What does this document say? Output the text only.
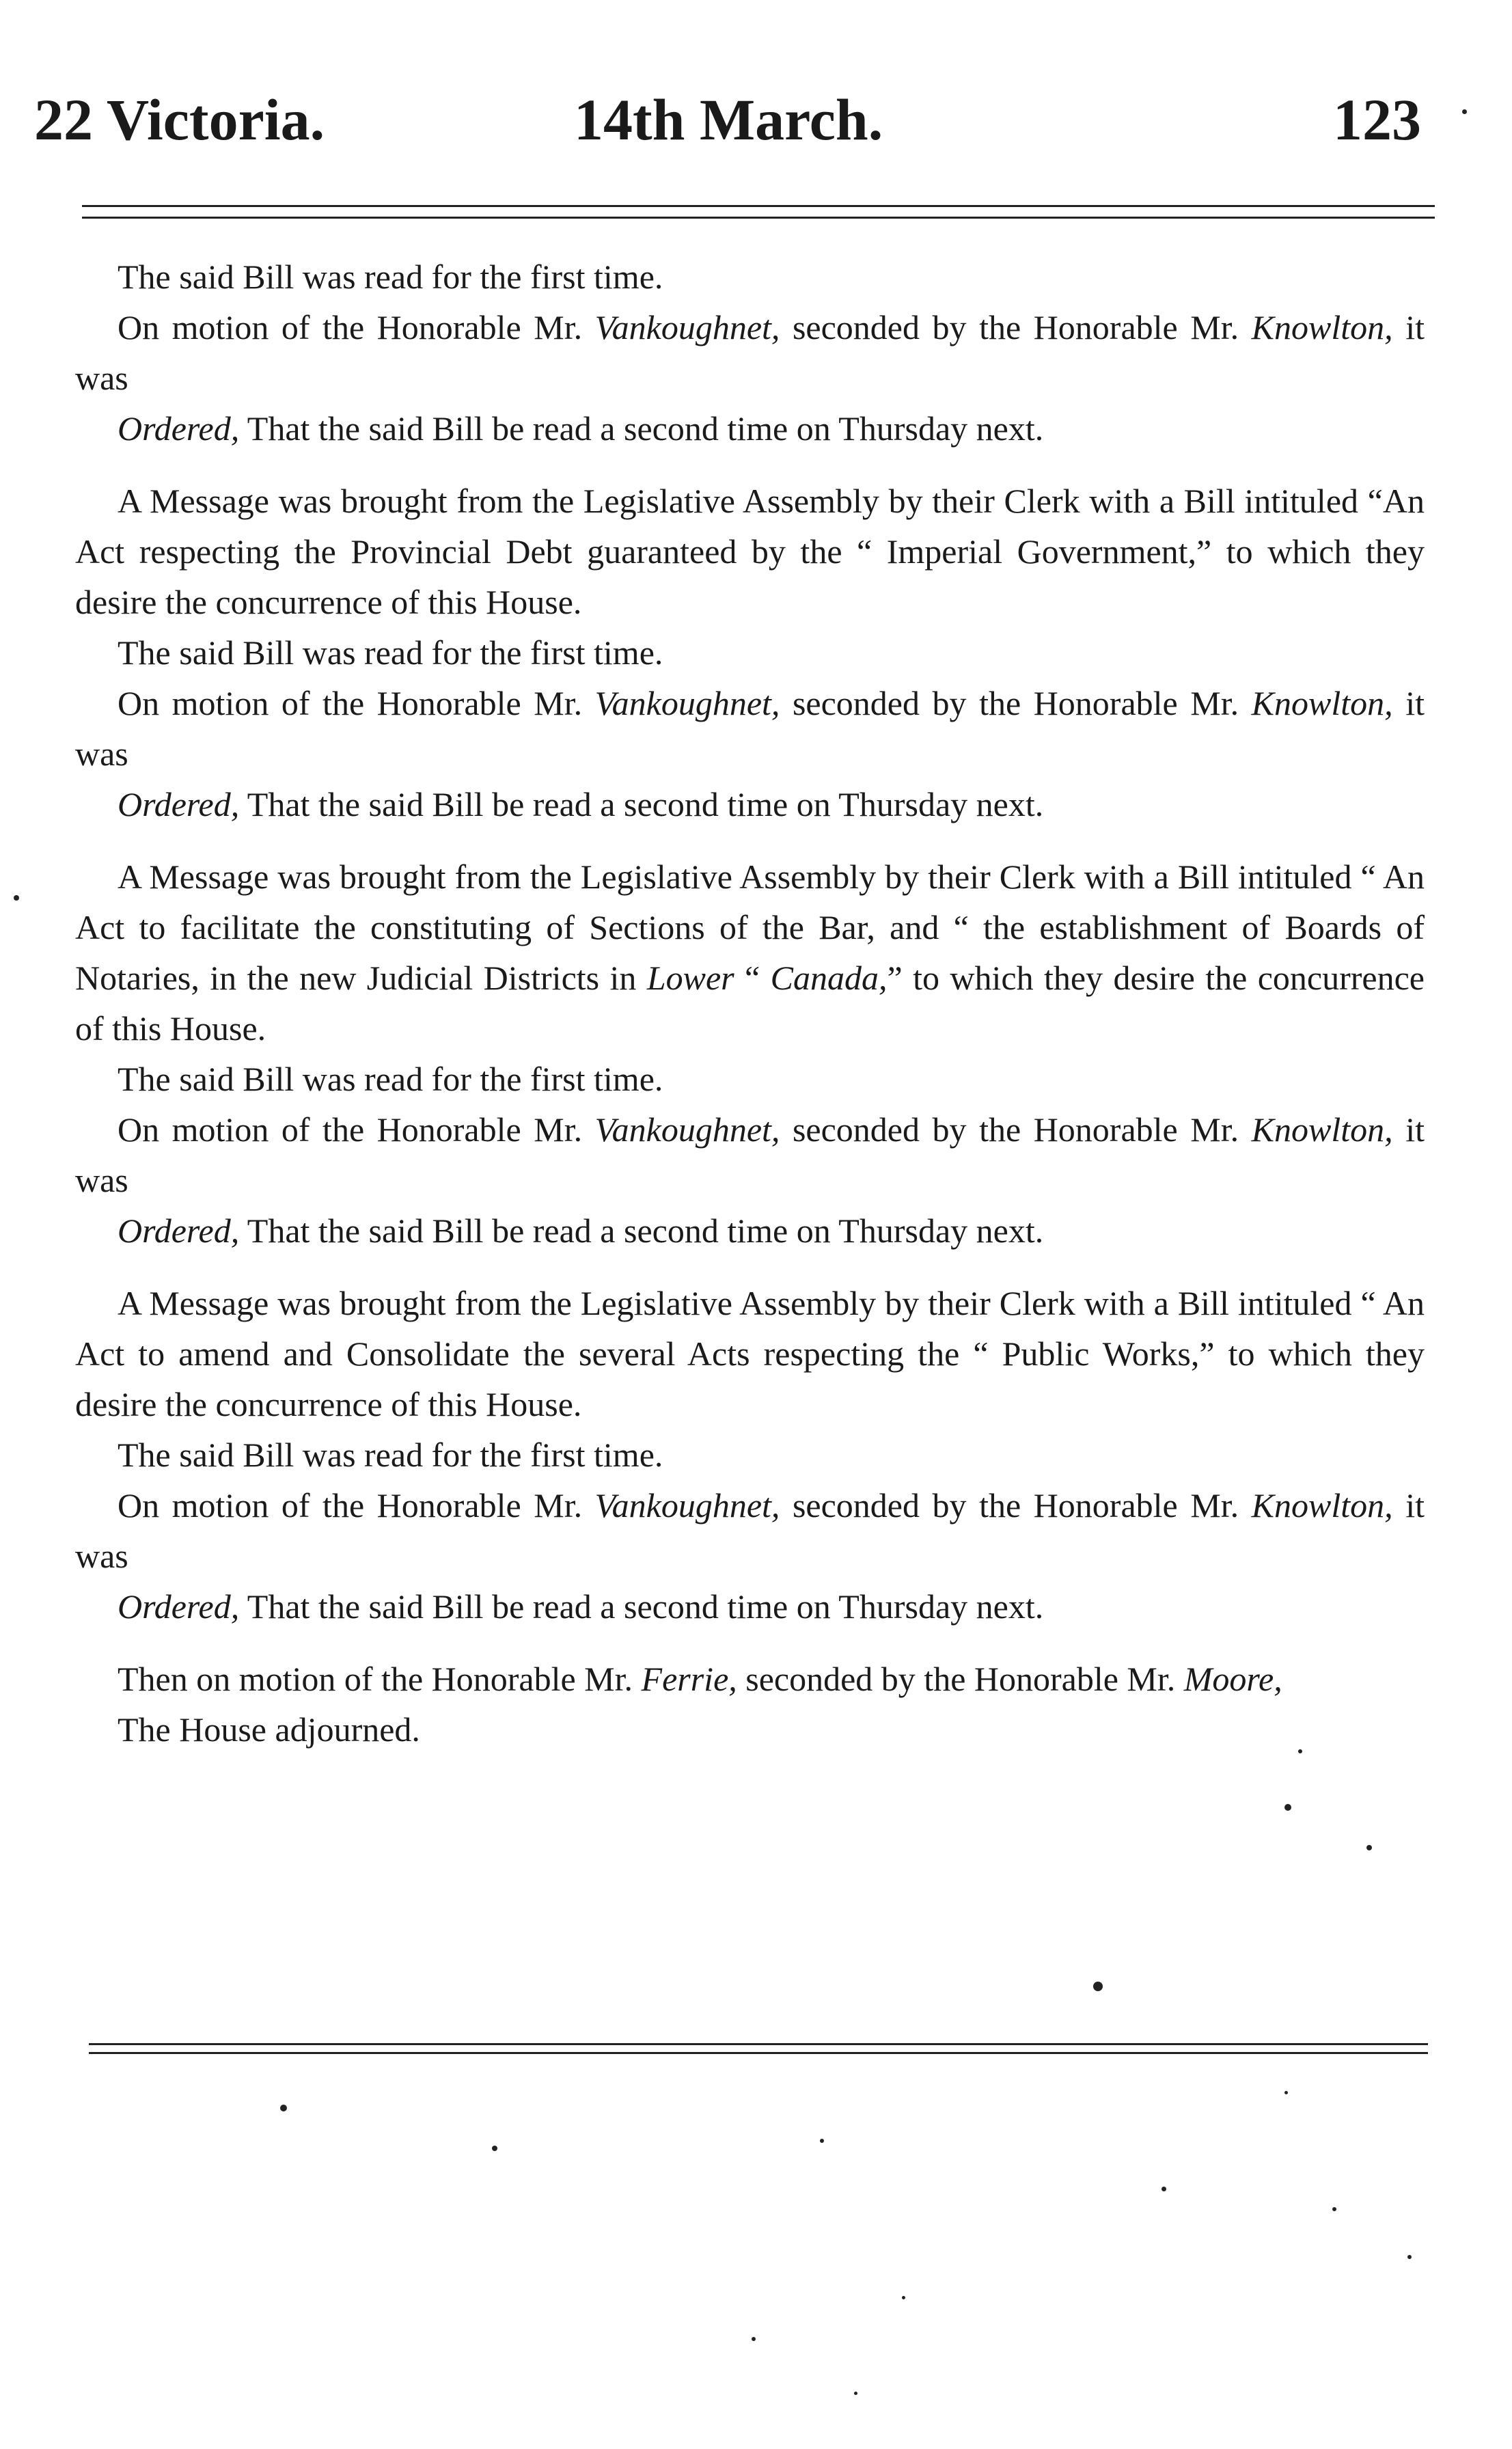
22 Victoria.	14th March.	123

The said Bill was read for the first time.

On motion of the Honorable Mr. Vankoughnet, seconded by the Honorable Mr. Knowlton, it was

Ordered, That the said Bill be read a second time on Thursday next.

A Message was brought from the Legislative Assembly by their Clerk with a Bill intituled “An Act respecting the Provincial Debt guaranteed by the “ Imperial Government,” to which they desire the concurrence of this House.

The said Bill was read for the first time.

On motion of the Honorable Mr. Vankoughnet, seconded by the Honorable Mr. Knowlton, it was

Ordered, That the said Bill be read a second time on Thursday next.

A Message was brought from the Legislative Assembly by their Clerk with a Bill intituled “ An Act to facilitate the constituting of Sections of the Bar, and “ the establishment of Boards of Notaries, in the new Judicial Districts in Lower “ Canada,” to which they desire the concurrence of this House.

The said Bill was read for the first time.

On motion of the Honorable Mr. Vankoughnet, seconded by the Honorable Mr. Knowlton, it was

Ordered, That the said Bill be read a second time on Thursday next.

A Message was brought from the Legislative Assembly by their Clerk with a Bill intituled “ An Act to amend and Consolidate the several Acts respecting the “ Public Works,” to which they desire the concurrence of this House.

The said Bill was read for the first time.

On motion of the Honorable Mr. Vankoughnet, seconded by the Honorable Mr. Knowlton, it was

Ordered, That the said Bill be read a second time on Thursday next.

Then on motion of the Honorable Mr. Ferrie, seconded by the Honorable Mr. Moore,

The House adjourned.
